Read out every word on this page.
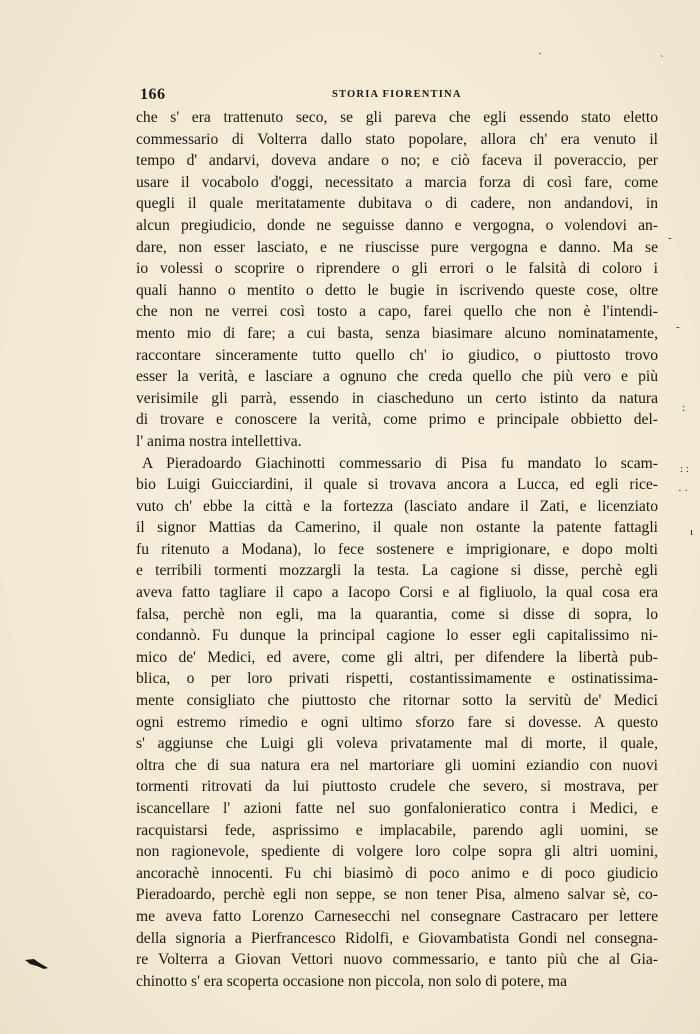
166	STORIA FIORENTINA
che s' era trattenuto seco, se gli pareva che egli essendo stato eletto
commessario di Volterra dallo stato popolare, allora ch' era venuto il
tempo d' andarvi, doveva andare o no; e ciò faceva il poveraccio, per
usare il vocabolo d'oggi, necessitato a marcia forza di così fare, come
quegli il quale meritatamente dubitava o di cadere, non andandovi, in
alcun pregiudicio, donde ne seguisse danno e vergogna, o volendovi an-
dare, non esser lasciato, e ne riuscisse pure vergogna e danno. Ma se
io volessi o scoprire o riprendere o gli errori o le falsità di coloro i
quali hanno o mentito o detto le bugie in iscrivendo queste cose, oltre
che non ne verrei così tosto a capo, farei quello che non è l'intendi-
mento mio di fare; a cui basta, senza biasimare alcuno nominatamente,
raccontare sinceramente tutto quello ch' io giudico, o piuttosto trovo
esser la verità, e lasciare a ognuno che creda quello che più vero e più
verisimile gli parrà, essendo in ciascheduno un certo istinto da natura
di trovare e conoscere la verità, come primo e principale obbietto del-
l' anima nostra intellettiva.
A Pieradoardo Giachinotti commessario di Pisa fu mandato lo scam-
bio Luigi Guicciardini, il quale si trovava ancora a Lucca, ed egli rice-
vuto ch' ebbe la città e la fortezza (lasciato andare il Zati, e licenziato
il signor Mattias da Camerino, il quale non ostante la patente fattagli
fu ritenuto a Modana), lo fece sostenere e imprigionare, e dopo molti
e terribili tormenti mozzargli la testa. La cagione si disse, perchè egli
aveva fatto tagliare il capo a Iacopo Corsi e al figliuolo, la qual cosa era
falsa, perchè non egli, ma la quarantia, come si disse di sopra, lo
condannò. Fu dunque la principal cagione lo esser egli capitalissimo ni-
mico de' Medici, ed avere, come gli altri, per difendere la libertà pub-
blica, o per loro privati rispetti, costantissimamente e ostinatissima-
mente consigliato che piuttosto che ritornar sotto la servitù de' Medici
ogni estremo rimedio e ogni ultimo sforzo fare si dovesse. A questo
s' aggiunse che Luigi gli voleva privatamente mal di morte, il quale,
oltra che di sua natura era nel martoriare gli uomini eziandio con nuovi
tormenti ritrovati da lui piuttosto crudele che severo, si mostrava, per
iscancellare l' azioni fatte nel suo gonfalonieratico contra i Medici, e
racquistarsi fede, asprissimo e implacabile, parendo agli uomini, se
non ragionevole, spediente di volgere loro colpe sopra gli altri uomini,
ancorachè innocenti. Fu chi biasimò di poco animo e di poco giudicio
Pieradoardo, perchè egli non seppe, se non tener Pisa, almeno salvar sè, co-
me aveva fatto Lorenzo Carnesecchi nel consegnare Castracaro per lettere
della signoria a Pierfrancesco Ridolfi, e Giovambatista Gondi nel consegna-
re Volterra a Giovan Vettori nuovo commessario, e tanto più che al Gia-
chinotto s' era scoperta occasione non piccola, non solo di potere, ma
·	ˋ
-
-
:
: :
· ·
ı
